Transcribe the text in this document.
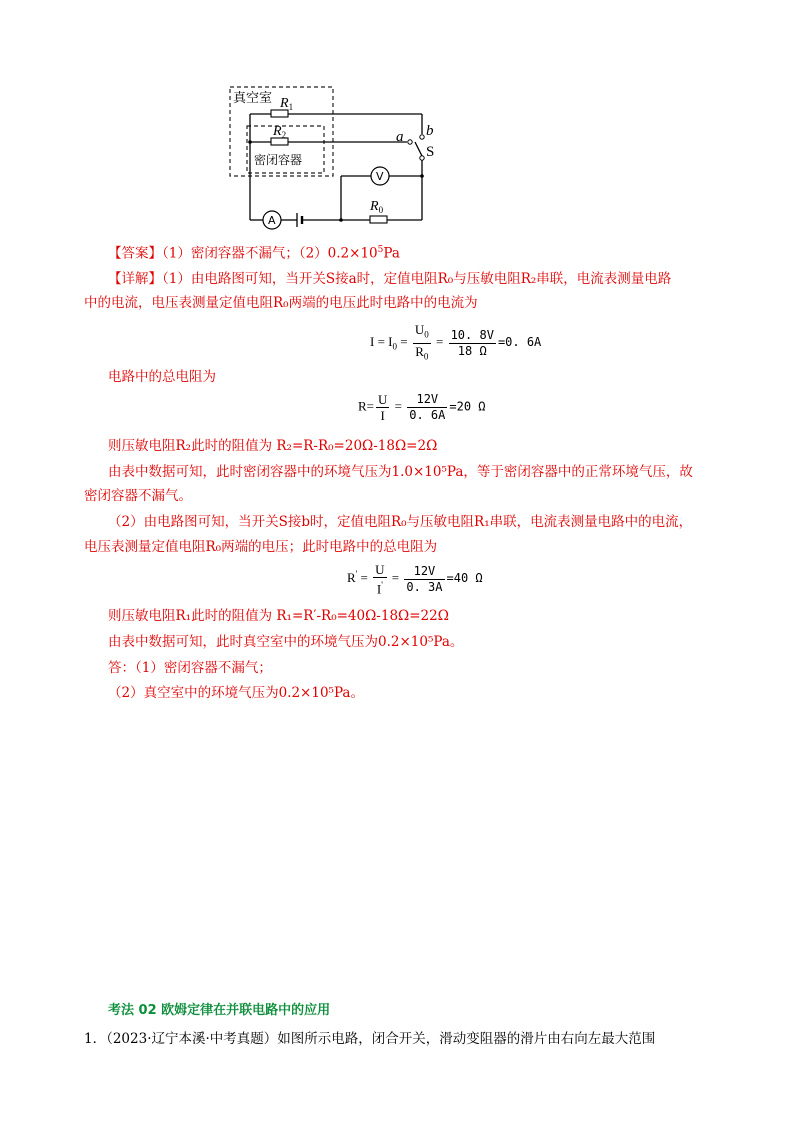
真空室
密闭容器
$R_1$
$R_2$
$R_0$
a b
S
V
A
【答案】（1）密闭容器不漏气；$(2)0.2\times 10^5Pa$
【详解】（1）由电路图可知，当开关S接a时，定值电阻R₀与压敏电阻R₂串联，电流表测量电路
中的电流，电压表测量定值电阻R₀两端的电压此时电路中的电流为
$I = I_0 = \frac{U_0}{R_0} = \frac{10. 8V}{18 \Omega} =0$. 6A
电路中的总电阻为
$R= \frac{U}{I} = \frac{12V}{0. 6A} =20$ Ω
则压敏电阻R₂此时的阻值为 R₂=R-R₀=20Ω-18Ω=2Ω
由表中数据可知，此时密闭容器中的环境气压为1.0×10⁵Pa，等于密闭容器中的正常环境气压，故
密闭容器不漏气。
（2）由电路图可知，当开关S接b时，定值电阻R₀与压敏电阻R₁串联，电流表测量电路中的电流，
电压表测量定值电阻R₀两端的电压；此时电路中的总电阻为
$R' = \frac{U}{I'} = \frac{12V}{0. 3A} =40$ Ω
则压敏电阻R₁此时的阻值为 R₁=R′-R₀=40Ω-18Ω=22Ω
由表中数据可知，此时真空室中的环境气压为0.2×10⁵Pa。
答：（1）密闭容器不漏气；
（2）真空室中的环境气压为0.2×10⁵Pa。
考法 02 欧姆定律在并联电路中的应用
1．（2023·辽宁本溪·中考真题）如图所示电路，闭合开关，滑动变阻器的滑片由右向左最大范围
